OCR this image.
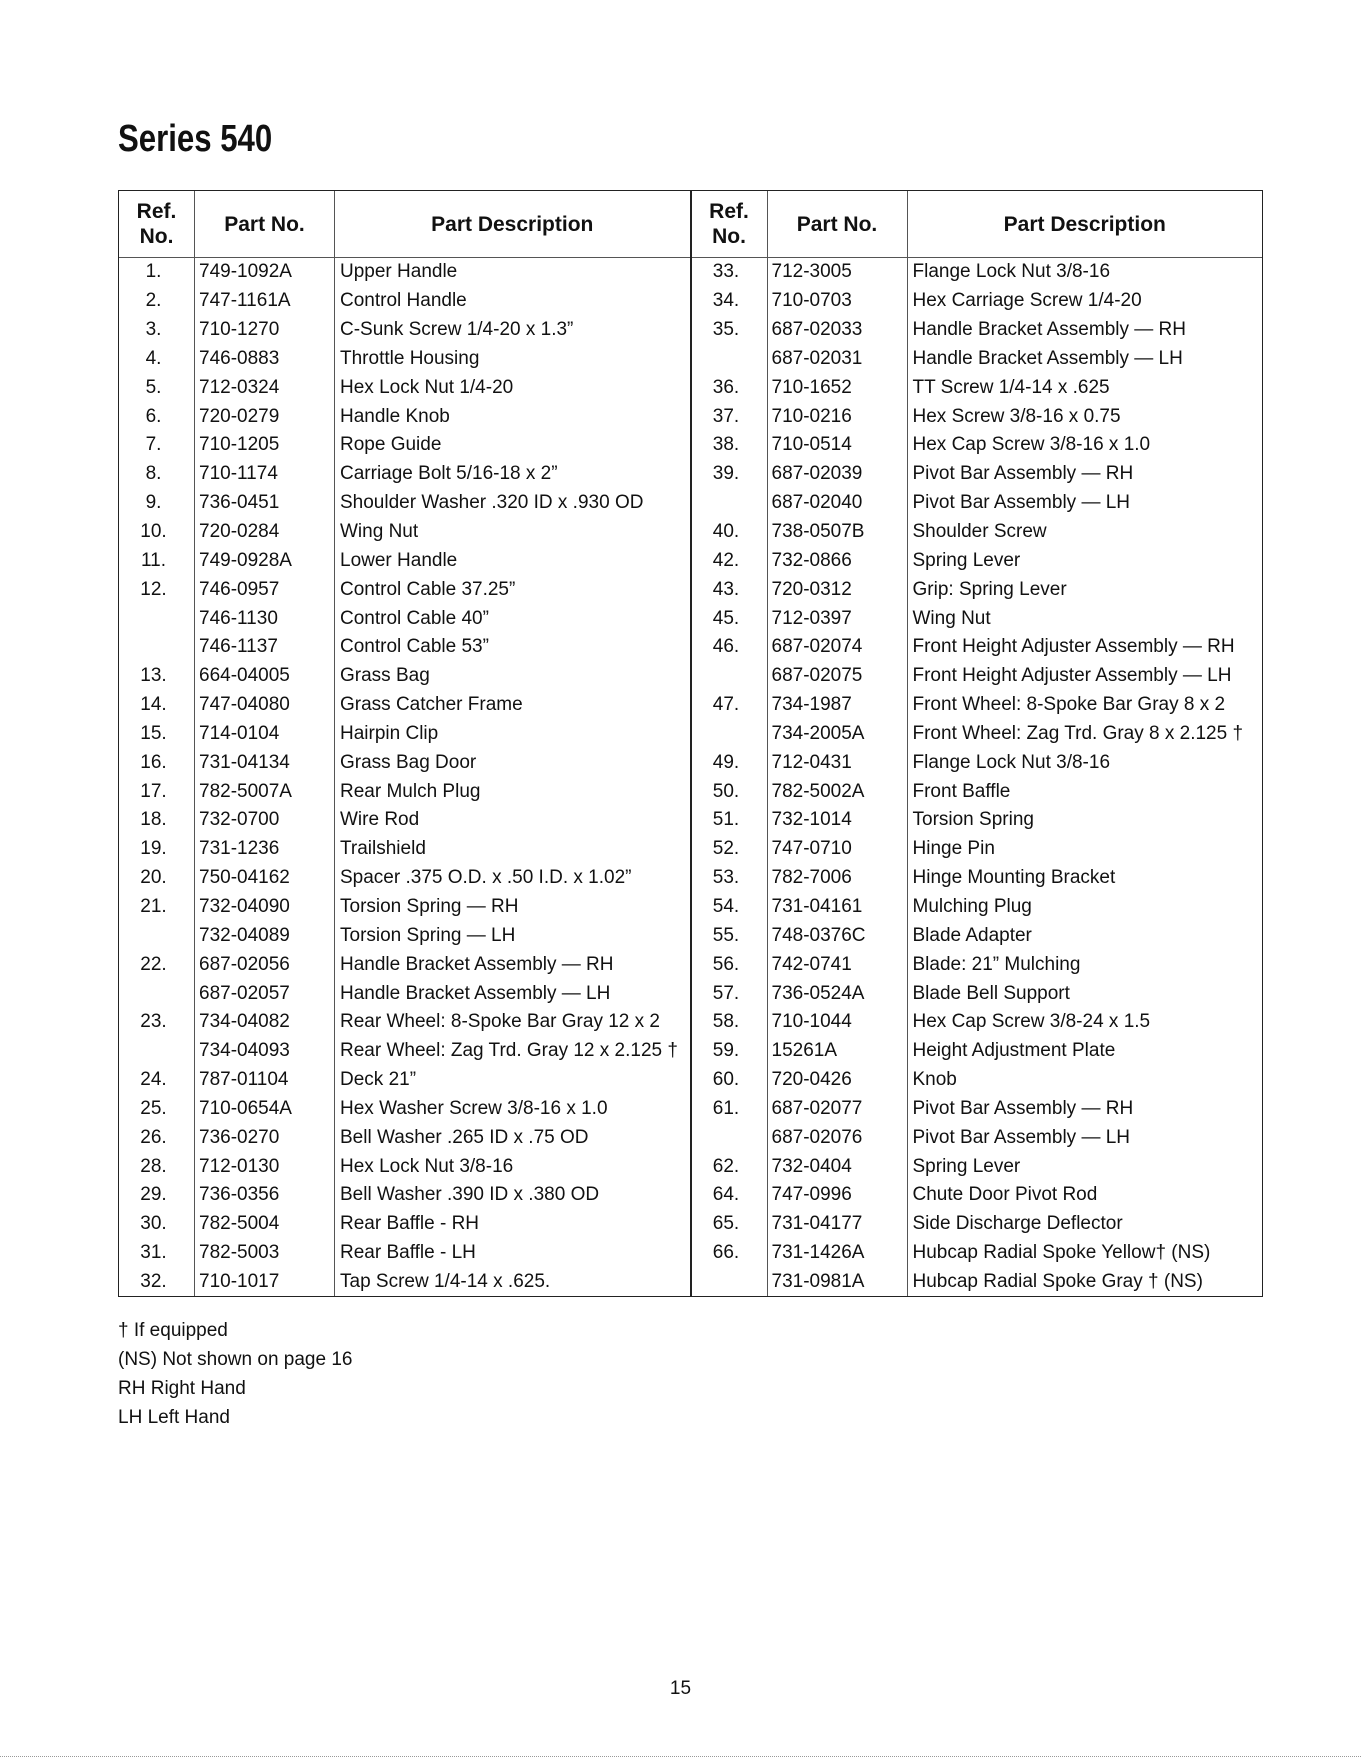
Series 540
Ref.
No.
Part No.	Part Description
1.	749-1092A	Upper Handle
2.	747-1161A	Control Handle
3.	710-1270	C-Sunk Screw 1/4-20 x 1.3”
4.	746-0883	Throttle Housing
5.	712-0324	Hex Lock Nut 1/4-20
6.	720-0279	Handle Knob
7.	710-1205	Rope Guide
8.	710-1174	Carriage Bolt 5/16-18 x 2”
9.	736-0451	Shoulder Washer .320 ID x .930 OD
10.	720-0284	Wing Nut
11.	749-0928A	Lower Handle
12.	746-0957	Control Cable 37.25”
746-1130	Control Cable 40”
746-1137	Control Cable 53”
13.	664-04005	Grass Bag
14.	747-04080	Grass Catcher Frame
15.	714-0104	Hairpin Clip
16.	731-04134	Grass Bag Door
17.	782-5007A	Rear Mulch Plug
18.	732-0700	Wire Rod
19.	731-1236	Trailshield
20.	750-04162	Spacer .375 O.D. x .50 I.D. x 1.02”
21.	732-04090	Torsion Spring — RH
732-04089	Torsion Spring — LH
22.	687-02056	Handle Bracket Assembly — RH
687-02057	Handle Bracket Assembly — LH
23.	734-04082	Rear Wheel: 8-Spoke Bar Gray 12 x 2
734-04093	Rear Wheel: Zag Trd. Gray 12 x 2.125 †
24.	787-01104	Deck 21”
25.	710-0654A	Hex Washer Screw 3/8-16 x 1.0
26.	736-0270	Bell Washer .265 ID x .75 OD
28.	712-0130	Hex Lock Nut 3/8-16
29.	736-0356	Bell Washer .390 ID x .380 OD
30.	782-5004	Rear Baffle - RH
31.	782-5003	Rear Baffle - LH
32.	710-1017	Tap Screw 1/4-14 x .625.
Ref.
No.
Part No.	Part Description
33.	712-3005	Flange Lock Nut 3/8-16
34.	710-0703	Hex Carriage Screw 1/4-20
35.	687-02033	Handle Bracket Assembly — RH
687-02031	Handle Bracket Assembly — LH
36.	710-1652	TT Screw 1/4-14 x .625
37.	710-0216	Hex Screw 3/8-16 x 0.75
38.	710-0514	Hex Cap Screw 3/8-16 x 1.0
39.	687-02039	Pivot Bar Assembly — RH
687-02040	Pivot Bar Assembly — LH
40.	738-0507B	Shoulder Screw
42.	732-0866	Spring Lever
43.	720-0312	Grip: Spring Lever
45.	712-0397	Wing Nut
46.	687-02074	Front Height Adjuster Assembly — RH
687-02075	Front Height Adjuster Assembly — LH
47.	734-1987	Front Wheel: 8-Spoke Bar Gray 8 x 2
734-2005A	Front Wheel: Zag Trd. Gray 8 x 2.125 †
49.	712-0431	Flange Lock Nut 3/8-16
50.	782-5002A	Front Baffle
51.	732-1014	Torsion Spring
52.	747-0710	Hinge Pin
53.	782-7006	Hinge Mounting Bracket
54.	731-04161	Mulching Plug
55.	748-0376C	Blade Adapter
56.	742-0741	Blade: 21” Mulching
57.	736-0524A	Blade Bell Support
58.	710-1044	Hex Cap Screw 3/8-24 x 1.5
59.	15261A	Height Adjustment Plate
60.	720-0426	Knob
61.	687-02077	Pivot Bar Assembly — RH
687-02076	Pivot Bar Assembly — LH
62.	732-0404	Spring Lever
64.	747-0996	Chute Door Pivot Rod
65.	731-04177	Side Discharge Deflector
66.	731-1426A	Hubcap Radial Spoke Yellow† (NS)
731-0981A	Hubcap Radial Spoke Gray † (NS)
† If equipped
(NS) Not shown on page 16
RH Right Hand
LH Left Hand
15
